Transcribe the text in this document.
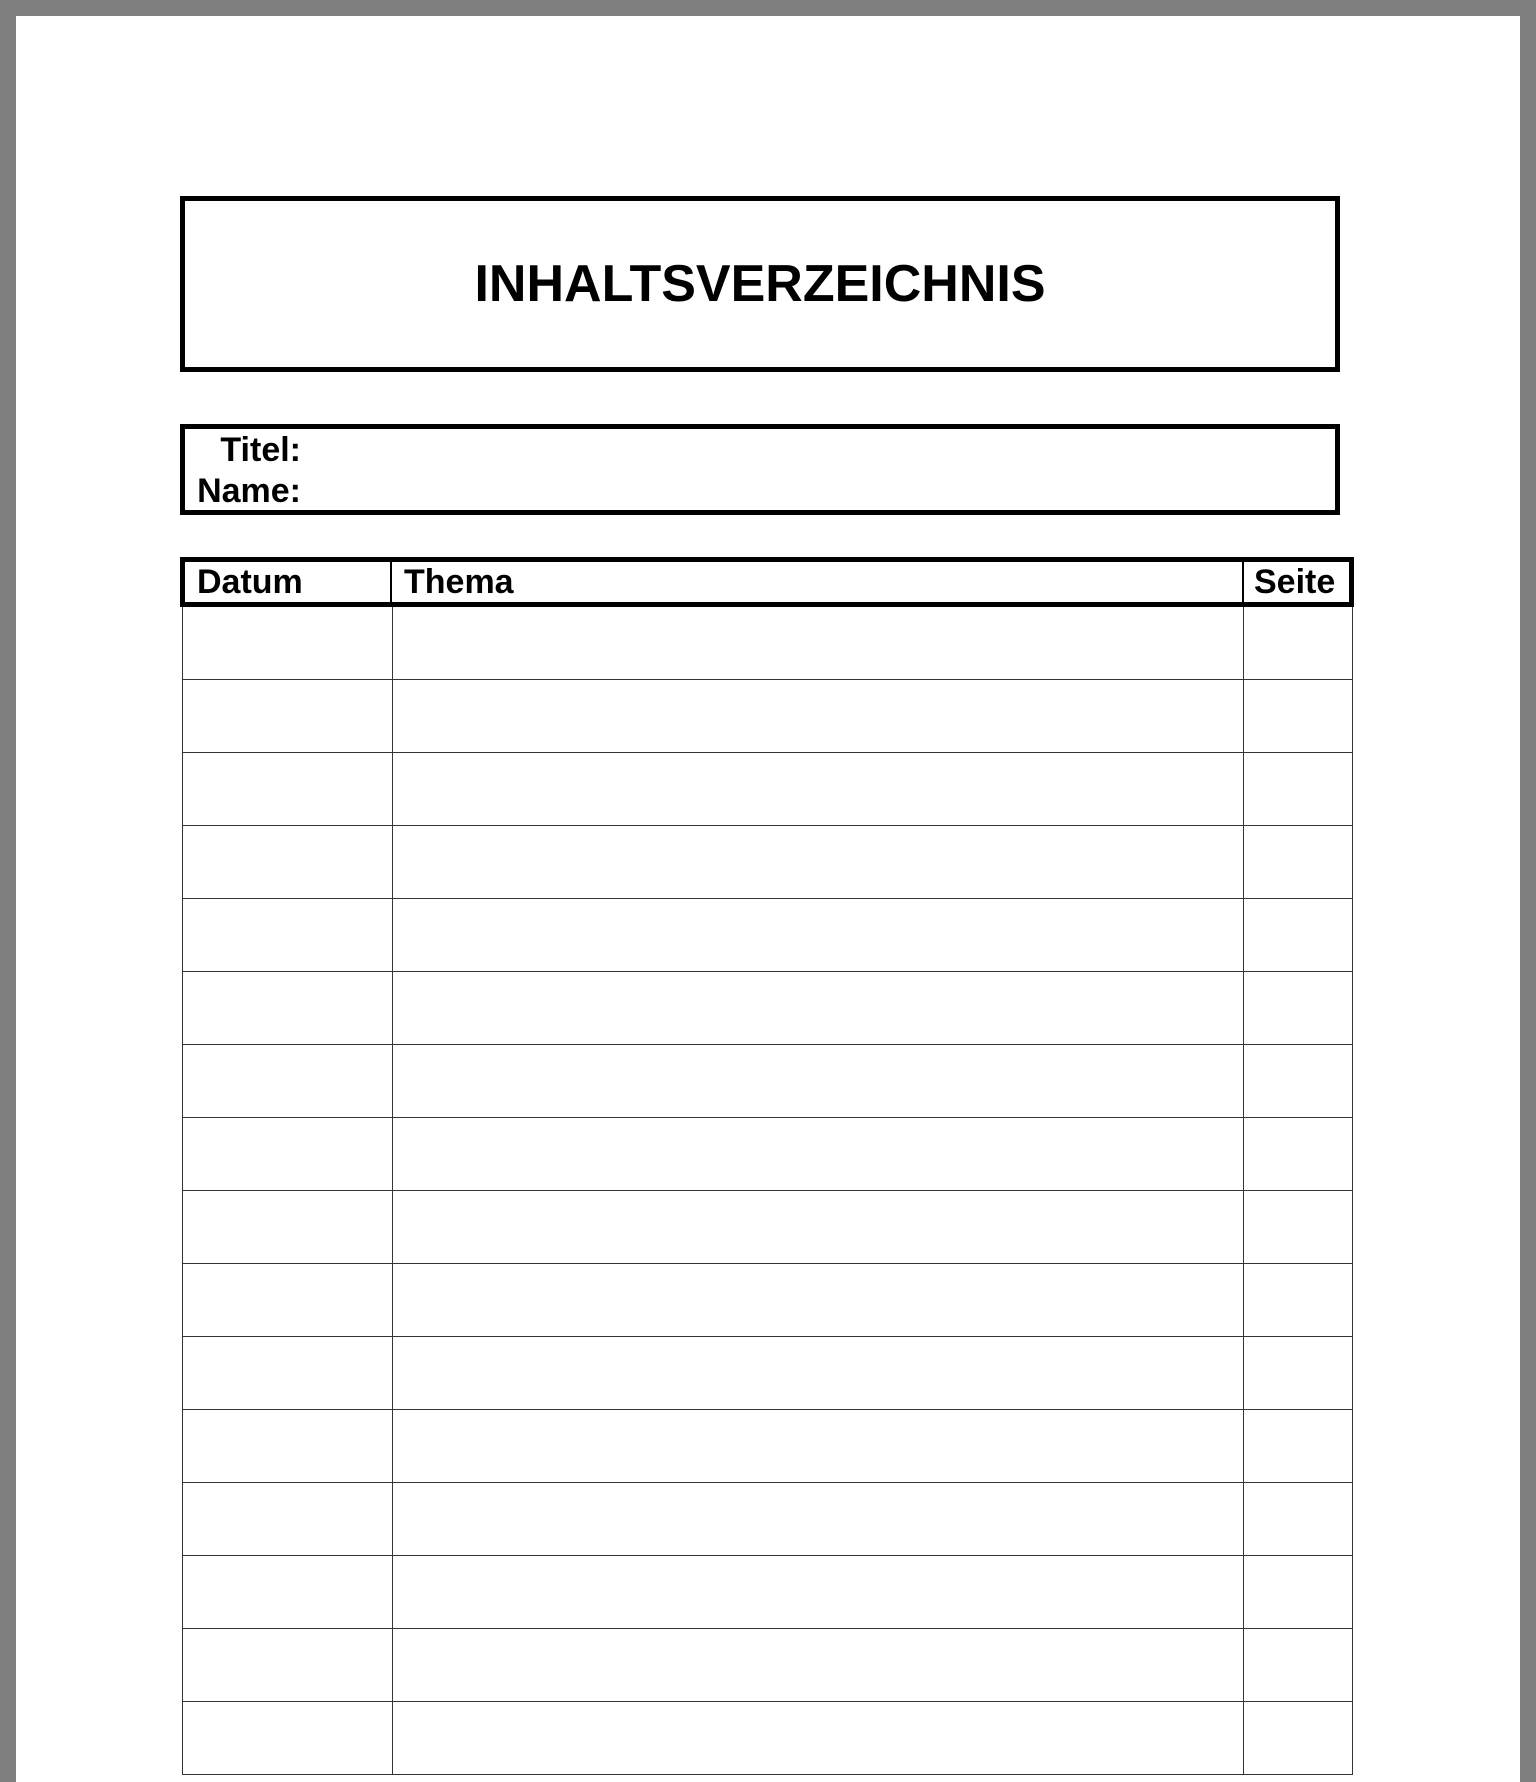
INHALTSVERZEICHNIS
Titel:
Name:
Datum	Thema	Seite
